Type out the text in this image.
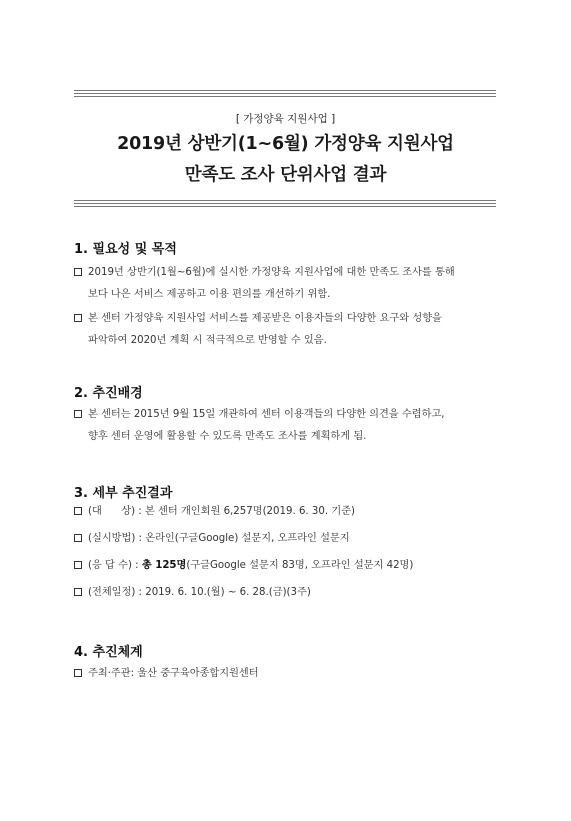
[ 가정양육 지원사업 ]
2019년 상반기(1~6월) 가정양육 지원사업
만족도 조사 단위사업 결과
1. 필요성 및 목적
2019년 상반기(1월~6월)에 실시한 가정양육 지원사업에 대한 만족도 조사를 통해
보다 나은 서비스 제공하고 이용 편의를 개선하기 위함.
본 센터 가정양육 지원사업 서비스를 제공받은 이용자들의 다양한 요구와 성향을
파악하여 2020년 계획 시 적극적으로 반영할 수 있음.
2. 추진배경
본 센터는 2015년 9월 15일 개관하여 센터 이용객들의 다양한 의견을 수렴하고,
향후 센터 운영에 활용할 수 있도록 만족도 조사를 계획하게 됨.
3. 세부 추진결과
(대      상) : 본 센터 개인회원 6,257명(2019. 6. 30. 기준)
(실시방법) : 온라인(구글Google) 설문지, 오프라인 설문지
(응 답 수) : 총 125명(구글Google 설문지 83명, 오프라인 설문지 42명)
(전체일정) : 2019. 6. 10.(월) ~ 6. 28.(금)(3주)
4. 추진체계
주최·주관: 울산 중구육아종합지원센터
